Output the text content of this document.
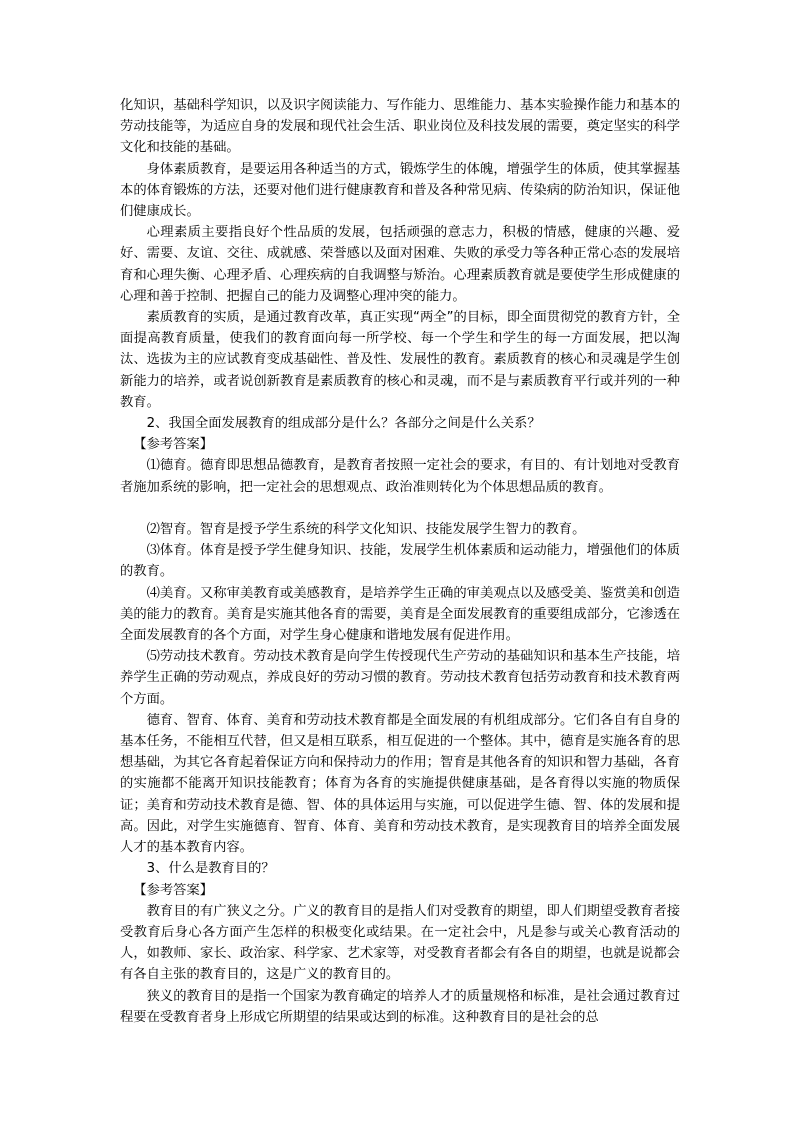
化知识，基础科学知识，以及识字阅读能力、写作能力、思维能力、基本实验操作能力和基本的劳动技能等，为适应自身的发展和现代社会生活、职业岗位及科技发展的需要，奠定坚实的科学文化和技能的基础。

身体素质教育，是要运用各种适当的方式，锻炼学生的体魄，增强学生的体质，使其掌握基本的体育锻炼的方法，还要对他们进行健康教育和普及各种常见病、传染病的防治知识，保证他们健康成长。

心理素质主要指良好个性品质的发展，包括顽强的意志力，积极的情感，健康的兴趣、爱好、需要、友谊、交往、成就感、荣誉感以及面对困难、失败的承受力等各种正常心态的发展培育和心理失衡、心理矛盾、心理疾病的自我调整与矫治。心理素质教育就是要使学生形成健康的心理和善于控制、把握自己的能力及调整心理冲突的能力。

素质教育的实质，是通过教育改革，真正实现“两全”的目标，即全面贯彻党的教育方针，全面提高教育质量，使我们的教育面向每一所学校、每一个学生和学生的每一方面发展，把以淘汰、选拔为主的应试教育变成基础性、普及性、发展性的教育。素质教育的核心和灵魂是学生创新能力的培养，或者说创新教育是素质教育的核心和灵魂，而不是与素质教育平行或并列的一种教育。

2、我国全面发展教育的组成部分是什么？各部分之间是什么关系？

【参考答案】

⑴德育。德育即思想品德教育，是教育者按照一定社会的要求，有目的、有计划地对受教育者施加系统的影响，把一定社会的思想观点、政治准则转化为个体思想品质的教育。

⑵智育。智育是授予学生系统的科学文化知识、技能发展学生智力的教育。

⑶体育。体育是授予学生健身知识、技能，发展学生机体素质和运动能力，增强他们的体质的教育。

⑷美育。又称审美教育或美感教育，是培养学生正确的审美观点以及感受美、鉴赏美和创造美的能力的教育。美育是实施其他各育的需要，美育是全面发展教育的重要组成部分，它渗透在全面发展教育的各个方面，对学生身心健康和谐地发展有促进作用。

⑸劳动技术教育。劳动技术教育是向学生传授现代生产劳动的基础知识和基本生产技能，培养学生正确的劳动观点，养成良好的劳动习惯的教育。劳动技术教育包括劳动教育和技术教育两个方面。

德育、智育、体育、美育和劳动技术教育都是全面发展的有机组成部分。它们各自有自身的基本任务，不能相互代替，但又是相互联系，相互促进的一个整体。其中，德育是实施各育的思想基础，为其它各育起着保证方向和保持动力的作用；智育是其他各育的知识和智力基础，各育的实施都不能离开知识技能教育；体育为各育的实施提供健康基础，是各育得以实施的物质保证；美育和劳动技术教育是德、智、体的具体运用与实施，可以促进学生德、智、体的发展和提高。因此，对学生实施德育、智育、体育、美育和劳动技术教育，是实现教育目的培养全面发展人才的基本教育内容。

3、什么是教育目的？

【参考答案】

教育目的有广狭义之分。广义的教育目的是指人们对受教育的期望，即人们期望受教育者接受教育后身心各方面产生怎样的积极变化或结果。在一定社会中，凡是参与或关心教育活动的人，如教师、家长、政治家、科学家、艺术家等，对受教育者都会有各自的期望，也就是说都会有各自主张的教育目的，这是广义的教育目的。

狭义的教育目的是指一个国家为教育确定的培养人才的质量规格和标准，是社会通过教育过程要在受教育者身上形成它所期望的结果或达到的标准。这种教育目的是社会的总
